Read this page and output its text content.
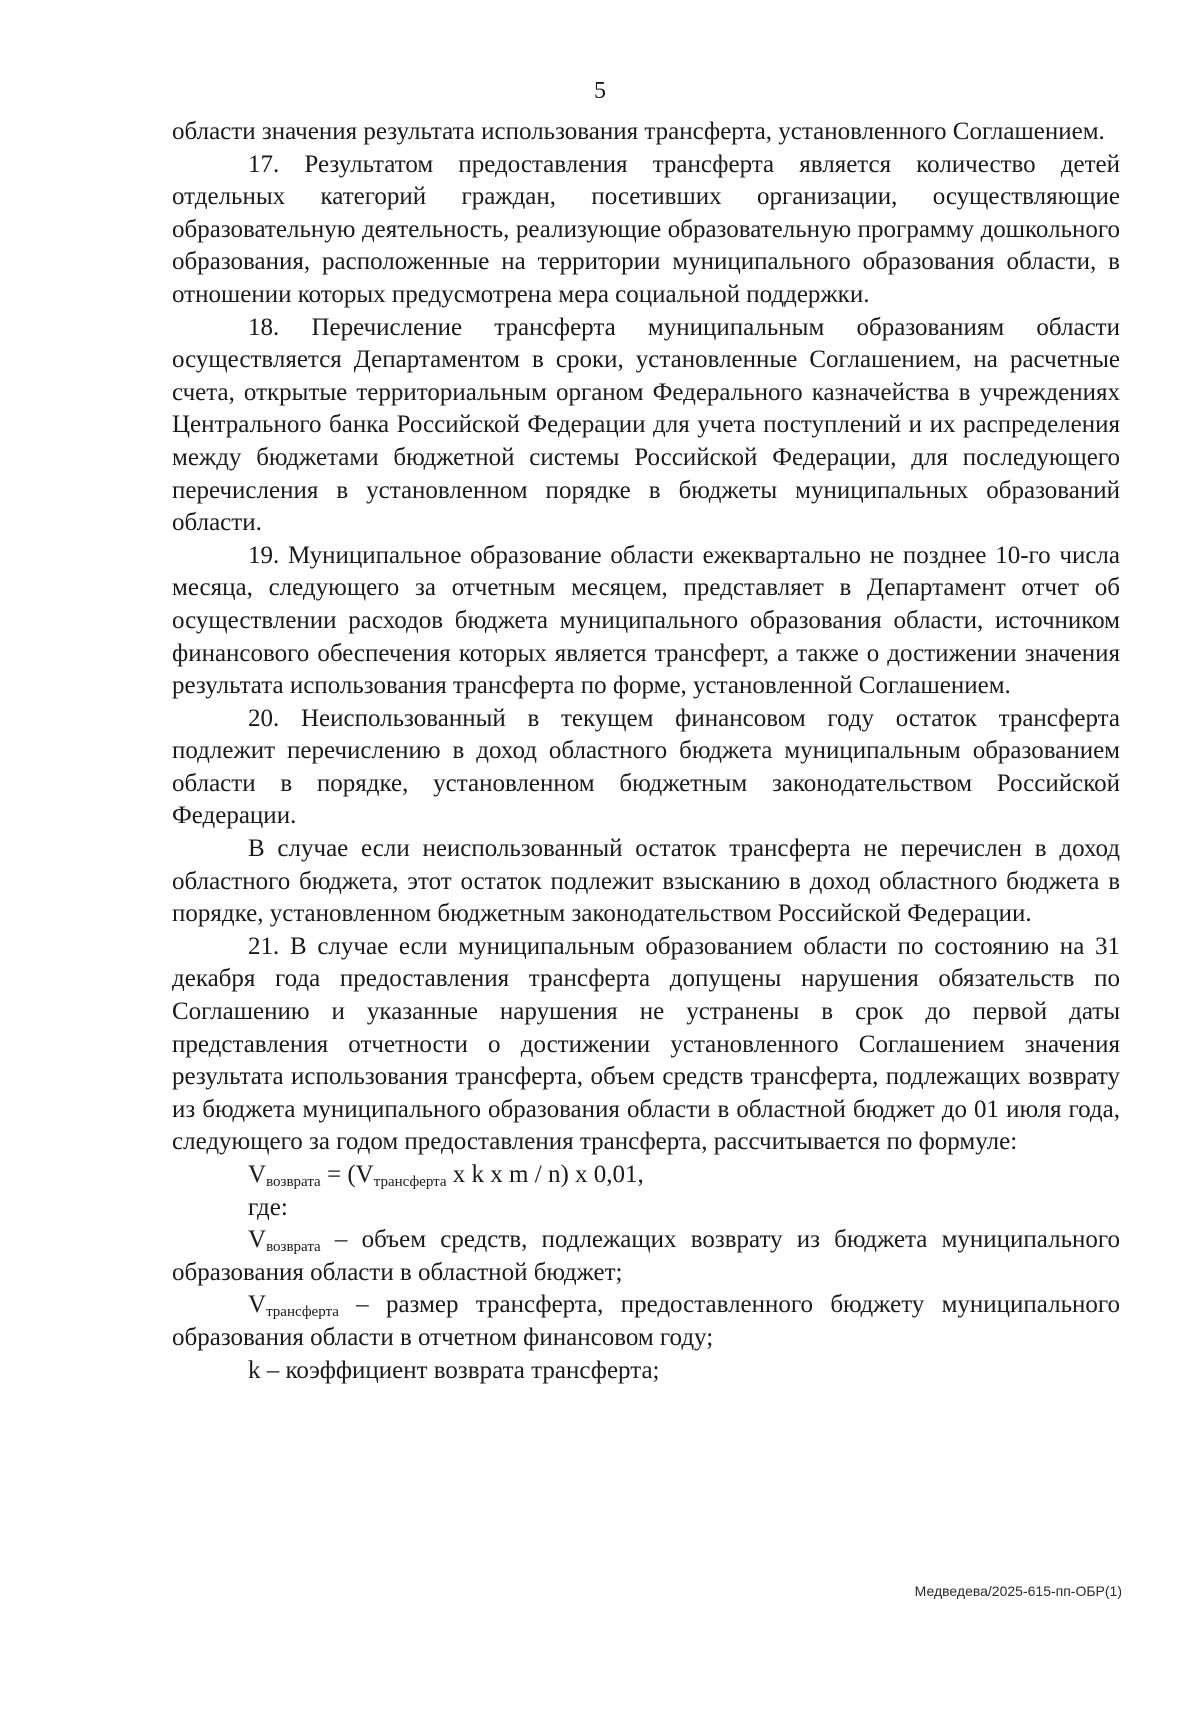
5

области значения результата использования трансферта, установленного Соглашением.

17. Результатом предоставления трансферта является количество детей отдельных категорий граждан, посетивших организации, осуществляющие образовательную деятельность, реализующие образовательную программу дошкольного образования, расположенные на территории муниципального образования области, в отношении которых предусмотрена мера социальной поддержки.

18. Перечисление трансферта муниципальным образованиям области осуществляется Департаментом в сроки, установленные Соглашением, на расчетные счета, открытые территориальным органом Федерального казначейства в учреждениях Центрального банка Российской Федерации для учета поступлений и их распределения между бюджетами бюджетной системы Российской Федерации, для последующего перечисления в установленном порядке в бюджеты муниципальных образований области.

19. Муниципальное образование области ежеквартально не позднее 10-го числа месяца, следующего за отчетным месяцем, представляет в Департамент отчет об осуществлении расходов бюджета муниципального образования области, источником финансового обеспечения которых является трансферт, а также о достижении значения результата использования трансферта по форме, установленной Соглашением.

20. Неиспользованный в текущем финансовом году остаток трансферта подлежит перечислению в доход областного бюджета муниципальным образованием области в порядке, установленном бюджетным законодательством Российской Федерации.

В случае если неиспользованный остаток трансферта не перечислен в доход областного бюджета, этот остаток подлежит взысканию в доход областного бюджета в порядке, установленном бюджетным законодательством Российской Федерации.

21. В случае если муниципальным образованием области по состоянию на 31 декабря года предоставления трансферта допущены нарушения обязательств по Соглашению и указанные нарушения не устранены в срок до первой даты представления отчетности о достижении установленного Соглашением значения результата использования трансферта, объем средств трансферта, подлежащих возврату из бюджета муниципального образования области в областной бюджет до 01 июля года, следующего за годом предоставления трансферта, рассчитывается по формуле:

$V_{возврата} = (V_{трансферта}$ x k x m / n) x 0,01,
где:

$V_{возврата}$ – объем средств, подлежащих возврату из бюджета муниципального образования области в областной бюджет;

$V_{трансферта}$ – размер трансферта, предоставленного бюджету муниципального образования области в отчетном финансовом году;

k – коэффициент возврата трансферта;

Медведева/2025-615-пп-ОБР(1)
